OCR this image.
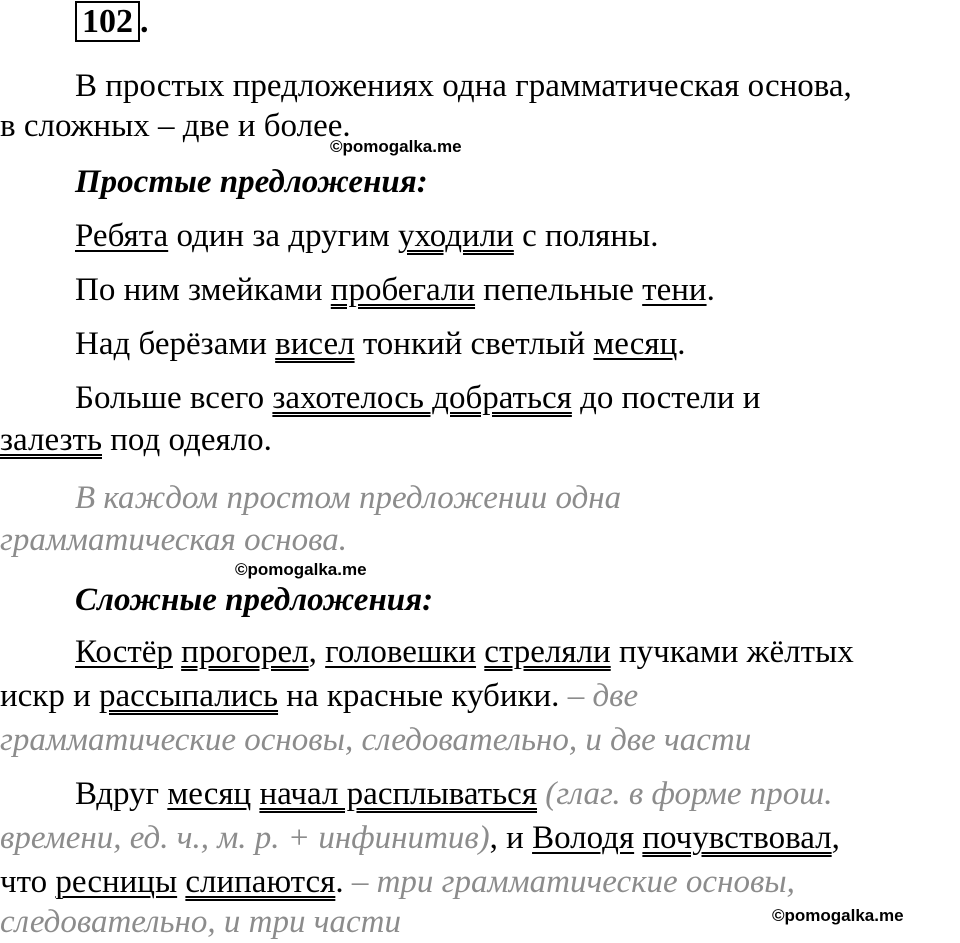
102 .
В простых предложениях одна грамматическая основа,
в сложных – две и более.
©pomogalka.me
Простые предложения:
Ребята один за другим уходили с поляны.
По ним змейками пробегали пепельные тени.
Над берёзами висел тонкий светлый месяц.
Больше всего захотелось добраться до постели и
залезть под одеяло.
В каждом простом предложении одна
грамматическая основа.
©pomogalka.me
Сложные предложения:
Костёр прогорел, головешки стреляли пучками жёлтых
искр и рассыпались на красные кубики. – две
грамматические основы, следовательно, и две части
Вдруг месяц начал расплываться (глаг. в форме прош.
времени, ед. ч., м. р. + инфинитив), и Володя почувствовал,
что ресницы слипаются. – три грамматические основы,
следовательно, и три части	©pomogalka.me
